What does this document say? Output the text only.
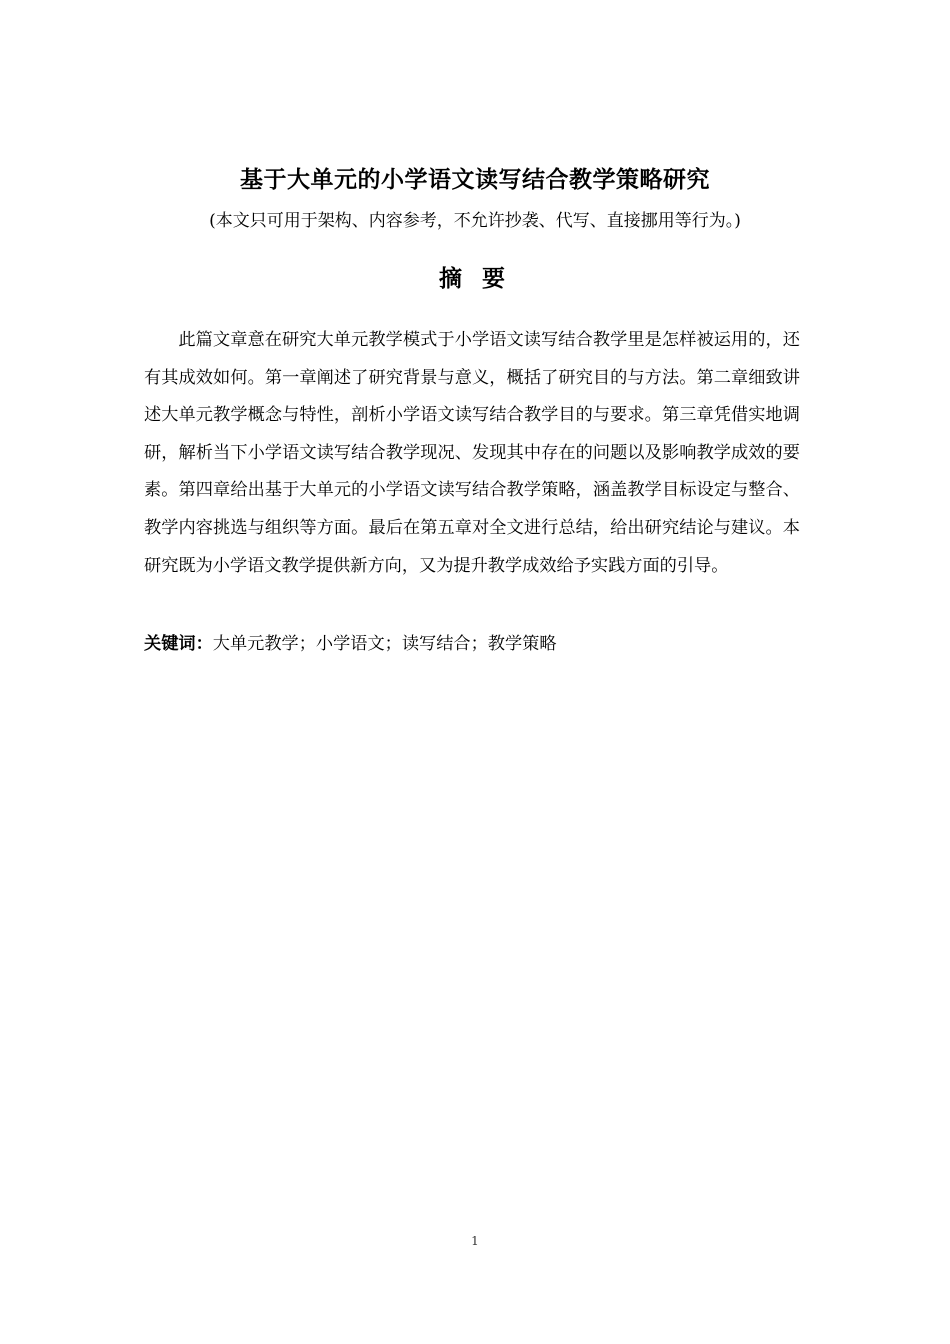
基于大单元的小学语文读写结合教学策略研究
(本文只可用于架构、内容参考，不允许抄袭、代写、直接挪用等行为。)
摘 要

此篇文章意在研究大单元教学模式于小学语文读写结合教学里是怎样被运用的，还有其成效如何。第一章阐述了研究背景与意义，概括了研究目的与方法。第二章细致讲述大单元教学概念与特性，剖析小学语文读写结合教学目的与要求。第三章凭借实地调研，解析当下小学语文读写结合教学现况、发现其中存在的问题以及影响教学成效的要素。第四章给出基于大单元的小学语文读写结合教学策略，涵盖教学目标设定与整合、教学内容挑选与组织等方面。最后在第五章对全文进行总结，给出研究结论与建议。本研究既为小学语文教学提供新方向，又为提升教学成效给予实践方面的引导。

关键词：大单元教学；小学语文；读写结合；教学策略
1
